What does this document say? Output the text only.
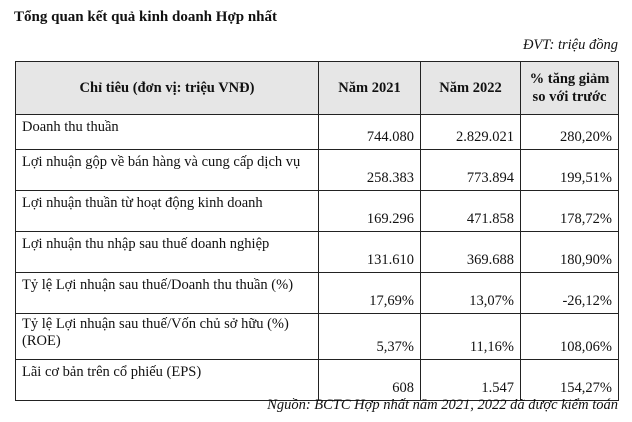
Tổng quan kết quả kinh doanh Hợp nhất
ĐVT: triệu đồng
Chỉ tiêu (đơn vị: triệu VNĐ)	Năm 2021	Năm 2022	% tăng giảm
so với trước

Doanh thu thuần	744.080	2.829.021	280,20%
Lợi nhuận gộp về bán hàng và cung cấp dịch vụ	258.383	773.894	199,51%
Lợi nhuận thuần từ hoạt động kinh doanh	169.296	471.858	178,72%
Lợi nhuận thu nhập sau thuế doanh nghiệp	131.610	369.688	180,90%
Tỷ lệ Lợi nhuận sau thuế/Doanh thu thuần (%)	17,69%	13,07%	-26,12%
Tỷ lệ Lợi nhuận sau thuế/Vốn chủ sở hữu (%) (ROE)	5,37%	11,16%	108,06%
Lãi cơ bản trên cổ phiếu (EPS)	608	1.547	154,27%
Nguồn: BCTC Hợp nhất năm 2021, 2022 đã được kiểm toán
